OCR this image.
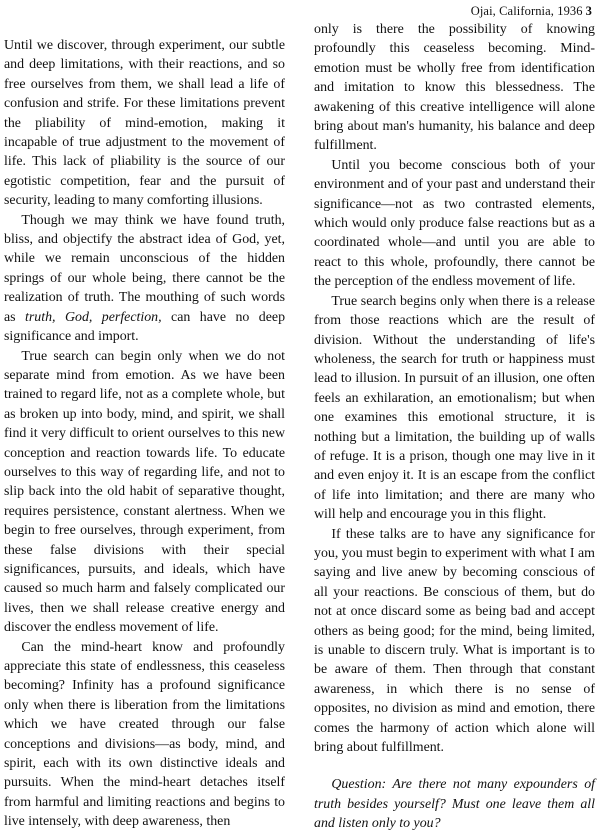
Ojai, California, 1936 3

Until we discover, through experiment, our subtle and deep limitations, with their reactions, and so free ourselves from them, we shall lead a life of confusion and strife. For these limitations prevent the pliability of mind-emotion, making it incapable of true adjustment to the movement of life. This lack of pliability is the source of our egotistic competition, fear and the pursuit of security, leading to many comforting illusions.

Though we may think we have found truth, bliss, and objectify the abstract idea of God, yet, while we remain unconscious of the hidden springs of our whole being, there cannot be the realization of truth. The mouthing of such words as truth, God, perfection, can have no deep significance and import.

True search can begin only when we do not separate mind from emotion. As we have been trained to regard life, not as a complete whole, but as broken up into body, mind, and spirit, we shall find it very difficult to orient ourselves to this new conception and reaction towards life. To educate ourselves to this way of regarding life, and not to slip back into the old habit of separative thought, requires persistence, constant alertness. When we begin to free ourselves, through experiment, from these false divisions with their special significances, pursuits, and ideals, which have caused so much harm and falsely complicated our lives, then we shall release creative energy and discover the endless movement of life.

Can the mind-heart know and profoundly appreciate this state of endlessness, this ceaseless becoming? Infinity has a profound significance only when there is liberation from the limitations which we have created through our false conceptions and divisions—as body, mind, and spirit, each with its own distinctive ideals and pursuits. When the mind-heart detaches itself from harmful and limiting reactions and begins to live intensely, with deep awareness, then

only is there the possibility of knowing profoundly this ceaseless becoming. Mind-emotion must be wholly free from identification and imitation to know this blessedness. The awakening of this creative intelligence will alone bring about man's humanity, his balance and deep fulfillment.

Until you become conscious both of your environment and of your past and understand their significance—not as two contrasted elements, which would only produce false reactions but as a coordinated whole—and until you are able to react to this whole, profoundly, there cannot be the perception of the endless movement of life.

True search begins only when there is a release from those reactions which are the result of division. Without the understanding of life's wholeness, the search for truth or happiness must lead to illusion. In pursuit of an illusion, one often feels an exhilaration, an emotionalism; but when one examines this emotional structure, it is nothing but a limitation, the building up of walls of refuge. It is a prison, though one may live in it and even enjoy it. It is an escape from the conflict of life into limitation; and there are many who will help and encourage you in this flight.

If these talks are to have any significance for you, you must begin to experiment with what I am saying and live anew by becoming conscious of all your reactions. Be conscious of them, but do not at once discard some as being bad and accept others as being good; for the mind, being limited, is unable to discern truly. What is important is to be aware of them. Then through that constant awareness, in which there is no sense of opposites, no division as mind and emotion, there comes the harmony of action which alone will bring about fulfillment.

Question: Are there not many expounders of truth besides yourself? Must one leave them all and listen only to you?
